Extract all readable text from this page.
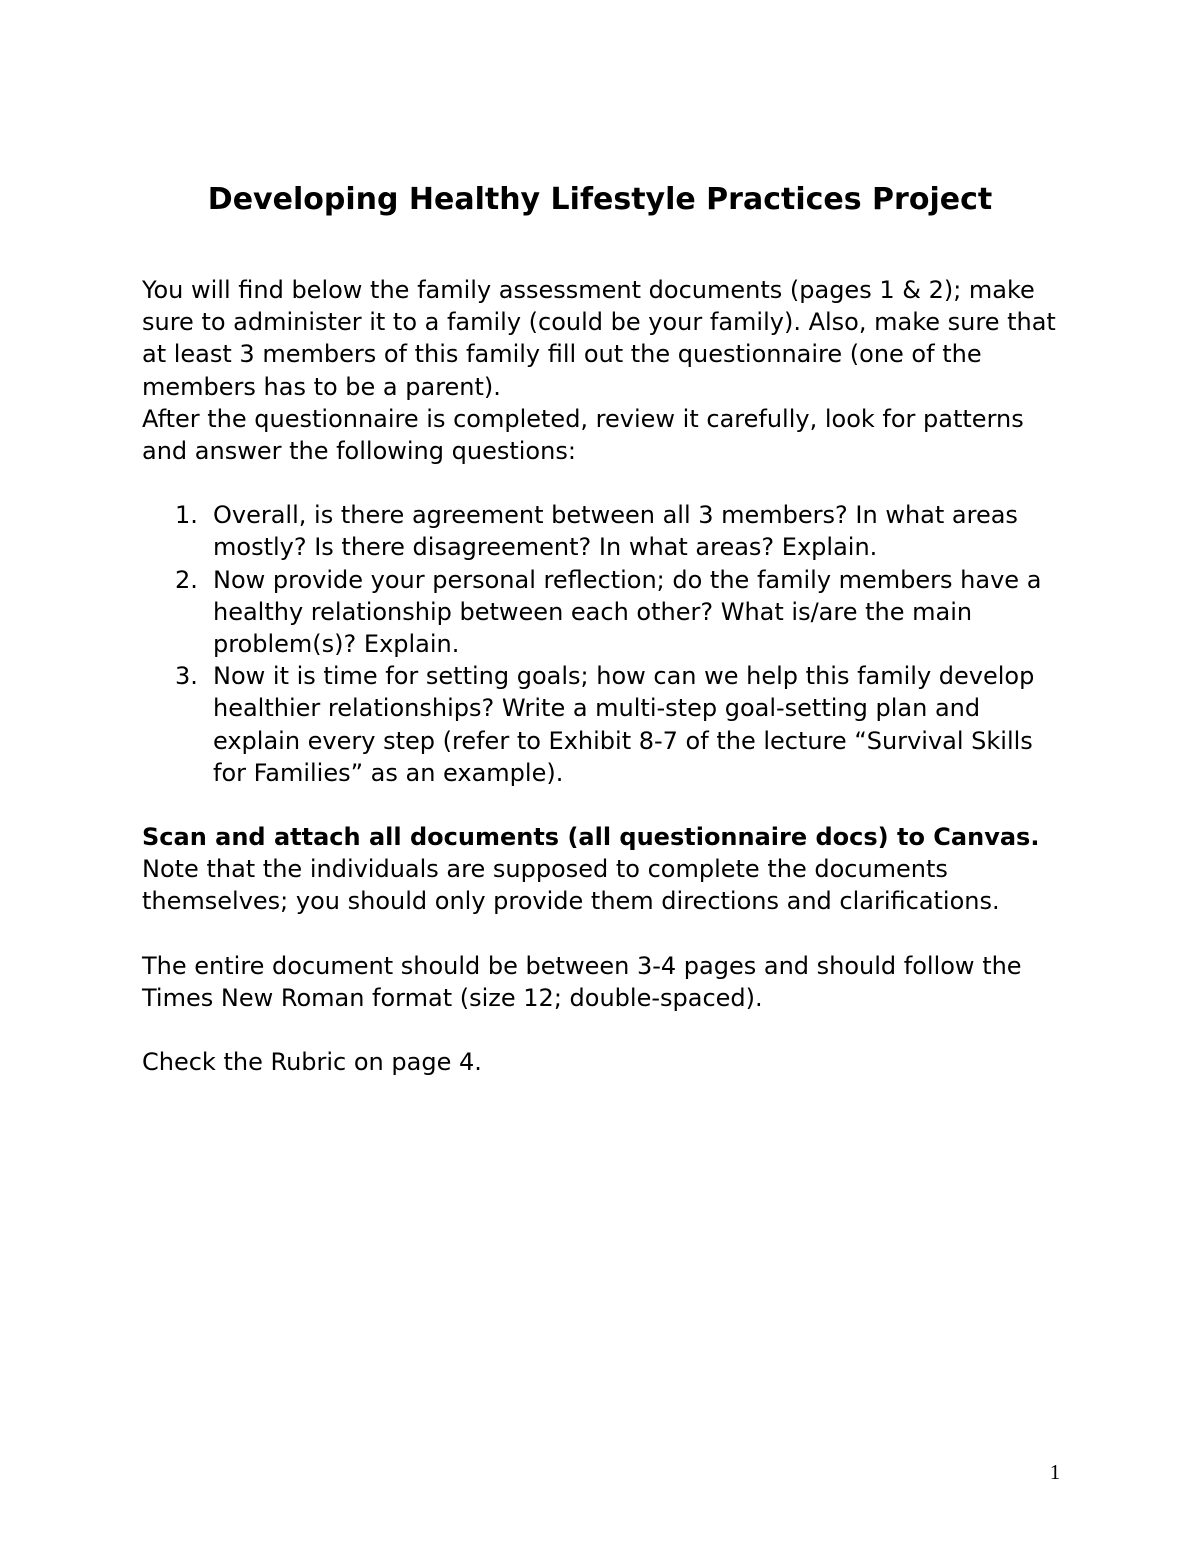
Developing Healthy Lifestyle Practices Project

You will find below the family assessment documents (pages 1 & 2); make sure to administer it to a family (could be your family). Also, make sure that at least 3 members of this family fill out the questionnaire (one of the members has to be a parent).

After the questionnaire is completed, review it carefully, look for patterns and answer the following questions:

1. Overall, is there agreement between all 3 members? In what areas mostly? Is there disagreement? In what areas? Explain.
2. Now provide your personal reflection; do the family members have a healthy relationship between each other? What is/are the main problem(s)? Explain.
3. Now it is time for setting goals; how can we help this family develop healthier relationships? Write a multi-step goal-setting plan and explain every step (refer to Exhibit 8-7 of the lecture “Survival Skills for Families” as an example).

Scan and attach all documents (all questionnaire docs) to Canvas.

Note that the individuals are supposed to complete the documents themselves; you should only provide them directions and clarifications.

The entire document should be between 3-4 pages and should follow the Times New Roman format (size 12; double-spaced).

Check the Rubric on page 4.

1
